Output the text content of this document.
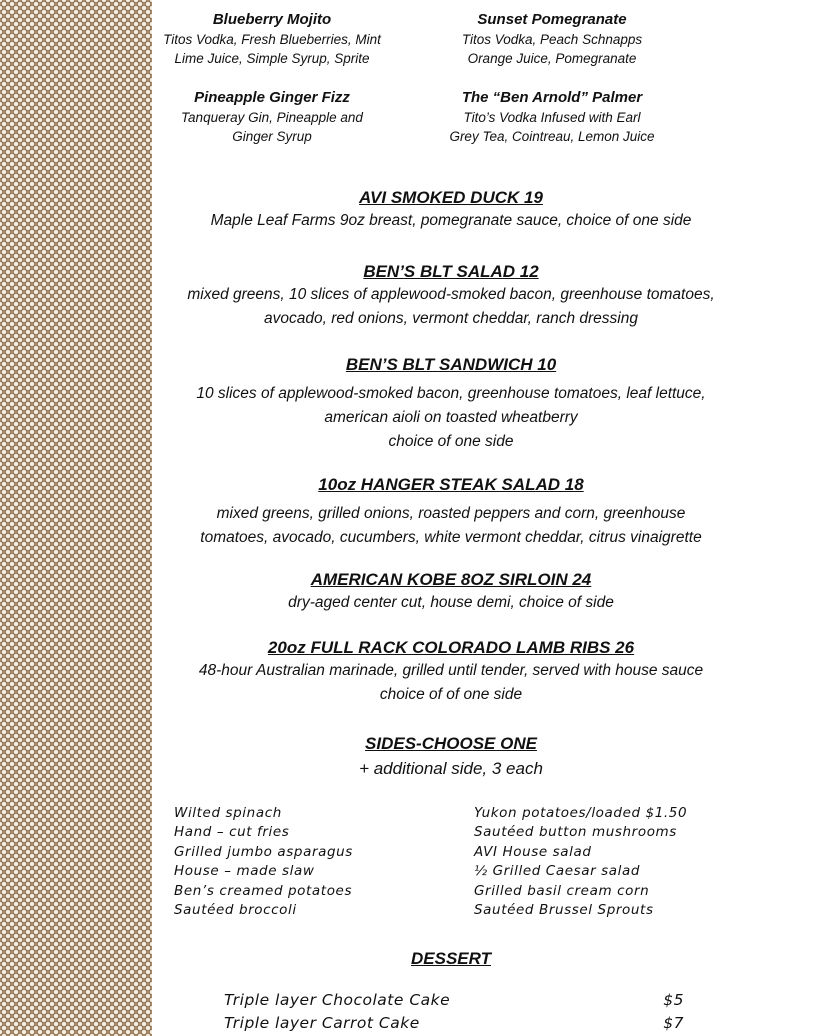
Blueberry Mojito
Titos Vodka, Fresh Blueberries, Mint
Lime Juice, Simple Syrup, Sprite
Sunset Pomegranate
Titos Vodka, Peach Schnapps
Orange Juice, Pomegranate
Pineapple Ginger Fizz
Tanqueray Gin, Pineapple and
Ginger Syrup
The “Ben Arnold” Palmer
Tito’s Vodka Infused with Earl
Grey Tea, Cointreau, Lemon Juice
AVI SMOKED DUCK 19
Maple Leaf Farms 9oz breast, pomegranate sauce, choice of one side
BEN’S BLT SALAD 12
mixed greens, 10 slices of applewood-smoked bacon, greenhouse tomatoes,
avocado, red onions, vermont cheddar, ranch dressing
BEN’S BLT SANDWICH 10
10 slices of applewood-smoked bacon, greenhouse tomatoes, leaf lettuce,
american aioli on toasted wheatberry
choice of one side
10oz HANGER STEAK SALAD 18
mixed greens, grilled onions, roasted peppers and corn, greenhouse
tomatoes, avocado, cucumbers, white vermont cheddar, citrus vinaigrette
AMERICAN KOBE 8OZ SIRLOIN 24
dry-aged center cut, house demi, choice of side
20oz FULL RACK COLORADO LAMB RIBS 26
48-hour Australian marinade, grilled until tender, served with house sauce
choice of of one side
SIDES-CHOOSE ONE
+ additional side, 3 each
Wilted spinach
Hand – cut fries
Grilled jumbo asparagus
House – made slaw
Ben’s creamed potatoes
Sautéed broccoli
Yukon potatoes/loaded $1.50
Sautéed button mushrooms
AVI House salad
½ Grilled Caesar salad
Grilled basil cream corn
Sautéed Brussel Sprouts
DESSERT
Triple layer Chocolate Cake	$5
Triple layer Carrot Cake	$7
